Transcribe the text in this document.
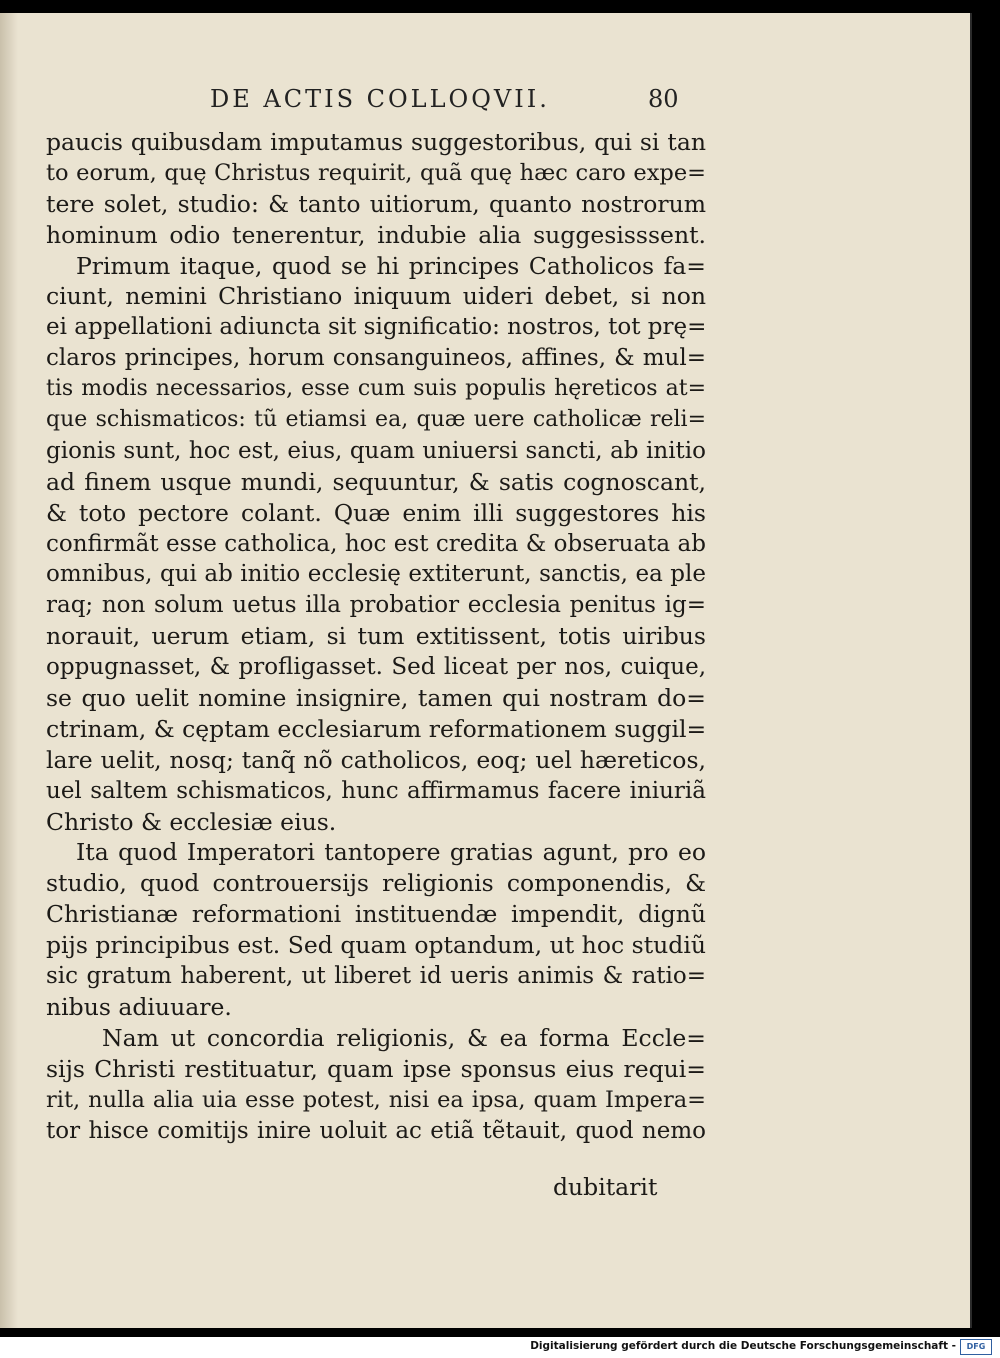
DE ACTIS COLLOQVII.	80
paucis quibusdam imputamus suggestoribus, qui si tan
to eorum, quę Christus requirit, quã quę hæc caro expe=
tere solet, studio: & tanto uitiorum, quanto nostrorum
hominum odio tenerentur, indubie alia suggesisssent.
Primum itaque, quod se hi principes Catholicos fa=
ciunt, nemini Christiano iniquum uideri debet, si non
ei appellationi adiuncta sit significatio: nostros, tot prę=
claros principes, horum consanguineos, affines, & mul=
tis modis necessarios, esse cum suis populis hęreticos at=
que schismaticos: tũ etiamsi ea, quæ uere catholicæ reli=
gionis sunt, hoc est, eius, quam uniuersi sancti, ab initio
ad finem usque mundi, sequuntur, & satis cognoscant,
& toto pectore colant. Quæ enim illi suggestores his
confirmãt esse catholica, hoc est credita & obseruata ab
omnibus, qui ab initio ecclesię extiterunt, sanctis, ea ple
raq; non solum uetus illa probatior ecclesia penitus ig=
norauit, uerum etiam, si tum extitissent, totis uiribus
oppugnasset, & profligasset. Sed liceat per nos, cuique,
se quo uelit nomine insignire, tamen qui nostram do=
ctrinam, & cęptam ecclesiarum reformationem suggil=
lare uelit, nosq; tanq̃ nõ catholicos, eoq; uel hæreticos,
uel saltem schismaticos, hunc affirmamus facere iniuriã
Christo & ecclesiæ eius.
Ita quod Imperatori tantopere gratias agunt, pro eo
studio, quod controuersijs religionis componendis, &
Christianæ reformationi instituendæ impendit, dignũ
pijs principibus est. Sed quam optandum, ut hoc studiũ
sic gratum haberent, ut liberet id ueris animis & ratio=
nibus adiuuare.
Nam ut concordia religionis, & ea forma Eccle=
sijs Christi restituatur, quam ipse sponsus eius requi=
rit, nulla alia uia esse potest, nisi ea ipsa, quam Impera=
tor hisce comitijs inire uoluit ac etiã tẽtauit, quod nemo
dubitarit
Digitalisierung gefördert durch die Deutsche Forschungsgemeinschaft -	DFG
